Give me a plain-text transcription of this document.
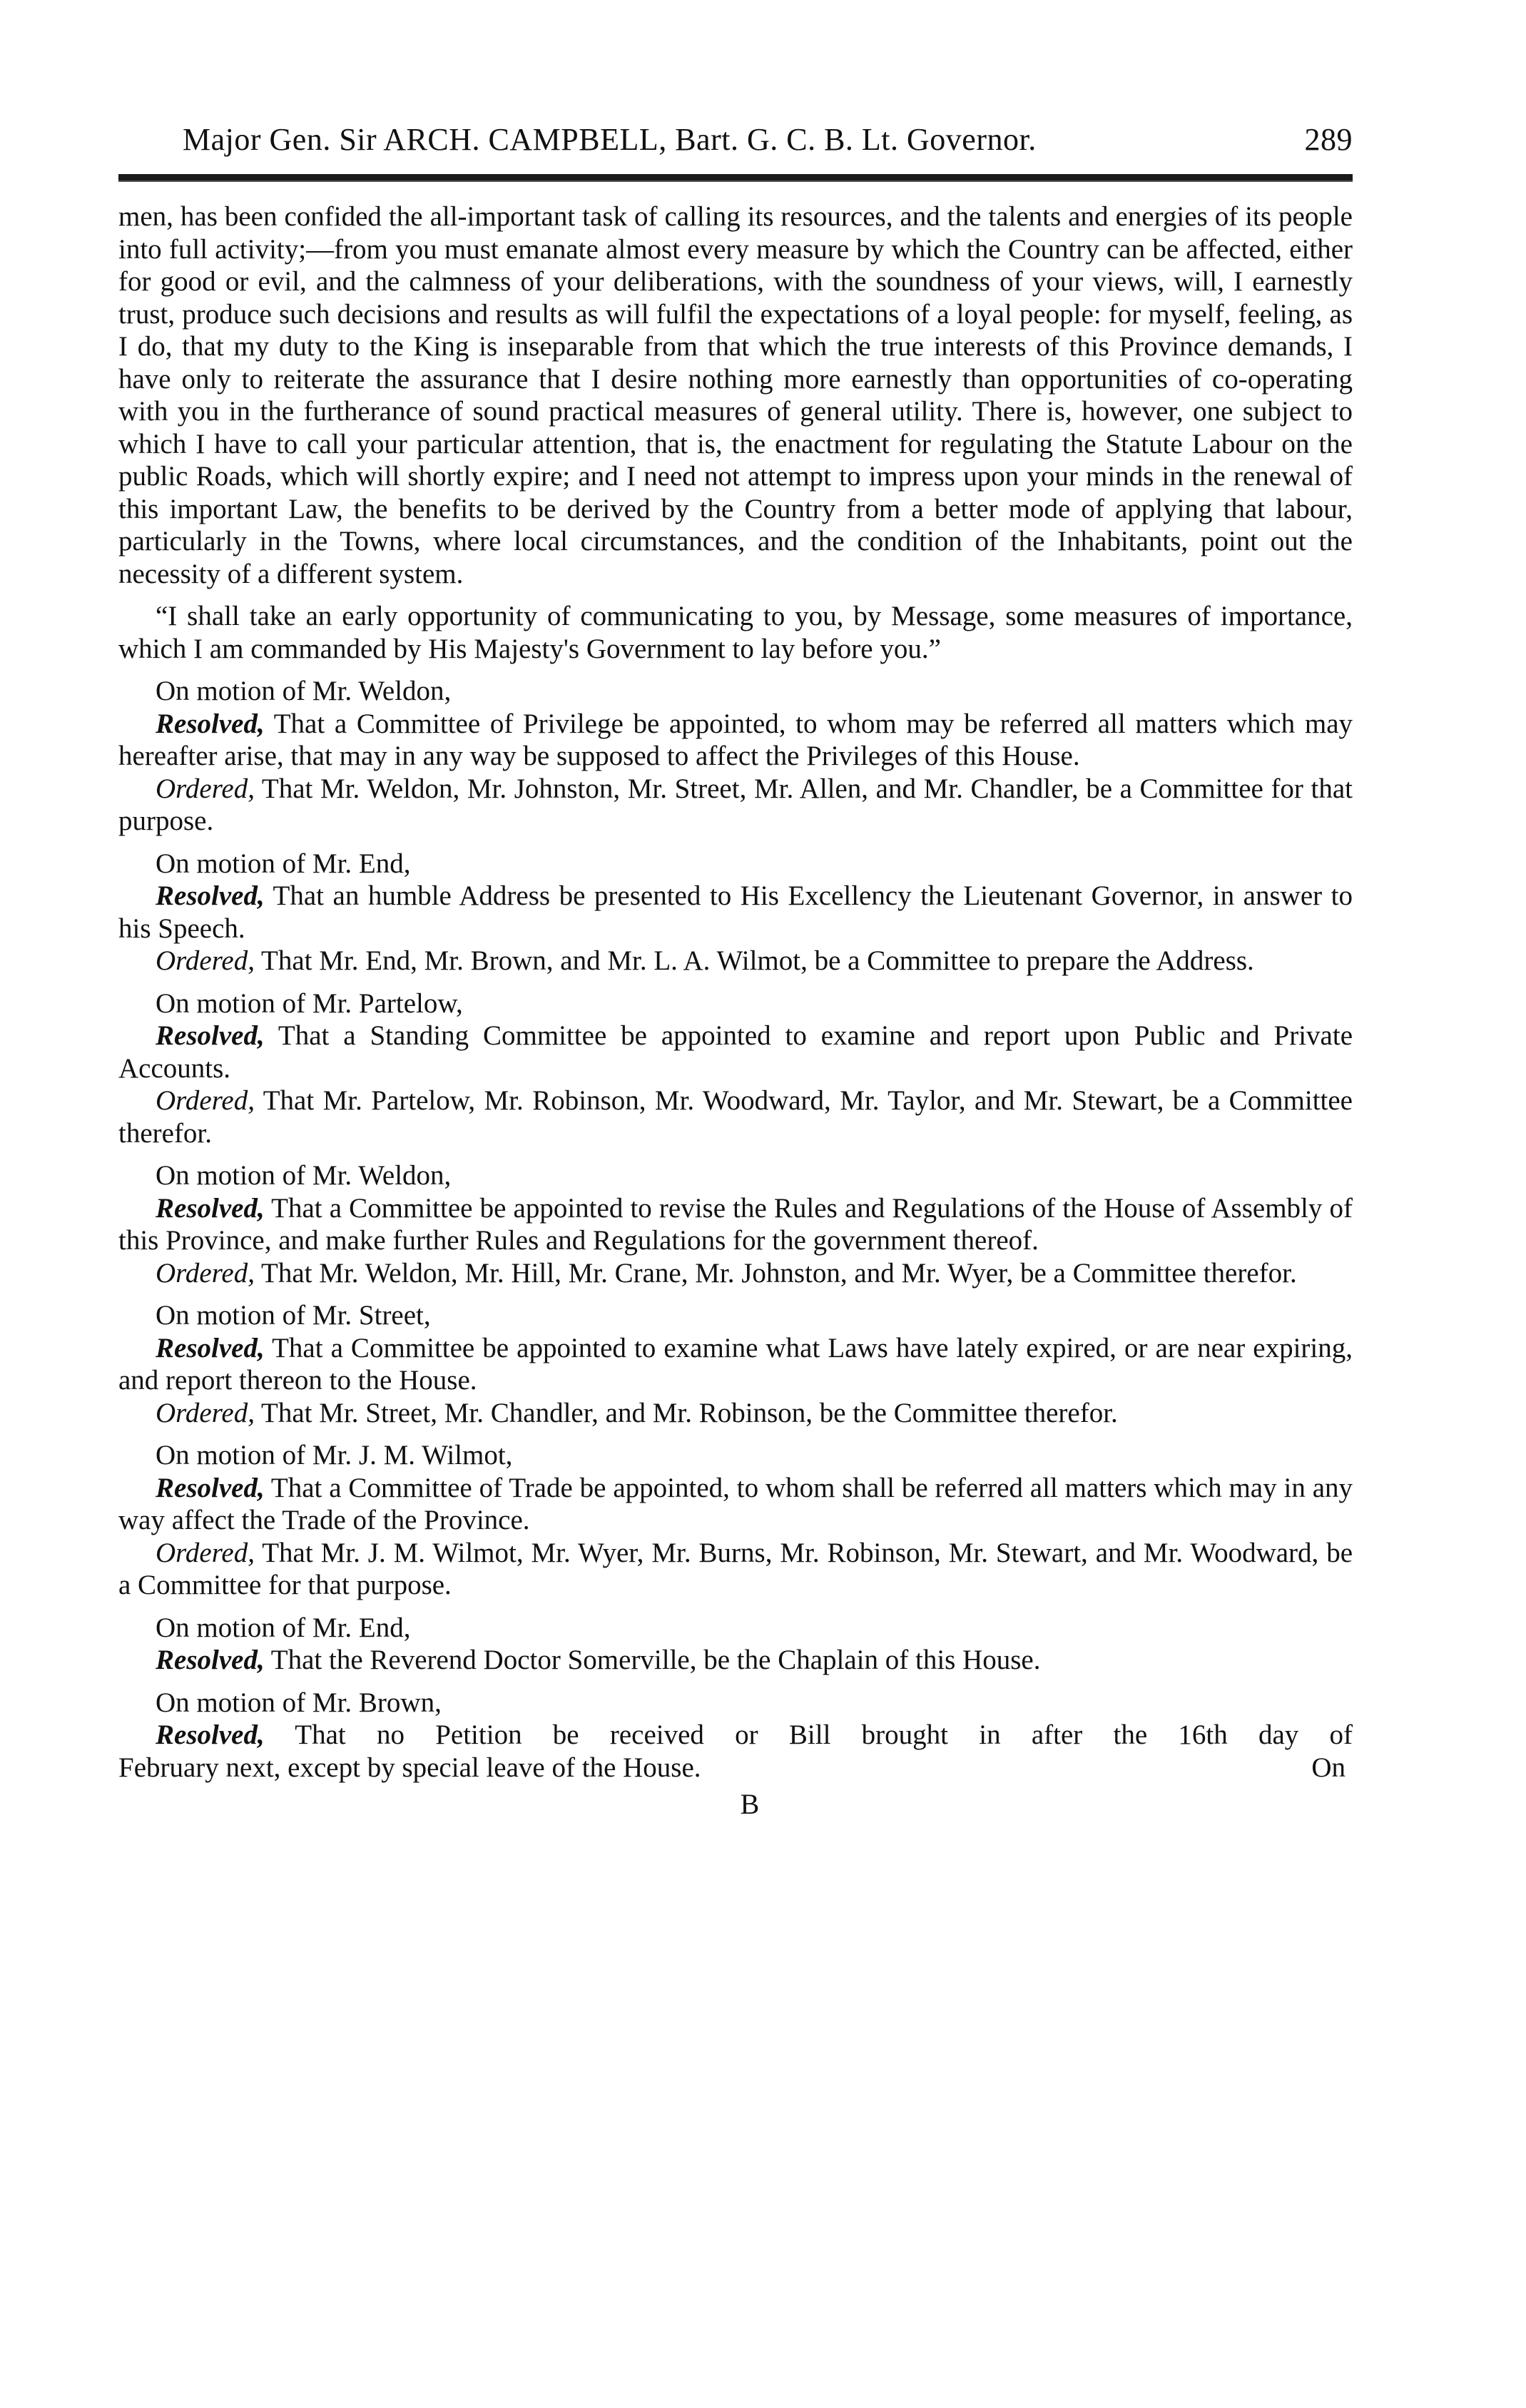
Major Gen. Sir ARCH. CAMPBELL, Bart. G. C. B. Lt. Governor.	289

men, has been confided the all-important task of calling its resources, and the talents and energies of its people into full activity;—from you must emanate almost every measure by which the Country can be affected, either for good or evil, and the calmness of your deliberations, with the soundness of your views, will, I earnestly trust, produce such decisions and results as will fulfil the expectations of a loyal people: for myself, feeling, as I do, that my duty to the King is inseparable from that which the true interests of this Province demands, I have only to reiterate the assurance that I desire nothing more earnestly than opportunities of co-operating with you in the furtherance of sound practical measures of general utility. There is, however, one subject to which I have to call your particular attention, that is, the enactment for regulating the Statute Labour on the public Roads, which will shortly expire; and I need not attempt to impress upon your minds in the renewal of this important Law, the benefits to be derived by the Country from a better mode of applying that labour, particularly in the Towns, where local circumstances, and the condition of the Inhabitants, point out the necessity of a different system.

“I shall take an early opportunity of communicating to you, by Message, some measures of importance, which I am commanded by His Majesty's Government to lay before you.”

On motion of Mr. Weldon,

Resolved, That a Committee of Privilege be appointed, to whom may be referred all matters which may hereafter arise, that may in any way be supposed to affect the Privileges of this House.

Ordered, That Mr. Weldon, Mr. Johnston, Mr. Street, Mr. Allen, and Mr. Chandler, be a Committee for that purpose.

On motion of Mr. End,

Resolved, That an humble Address be presented to His Excellency the Lieutenant Governor, in answer to his Speech.

Ordered, That Mr. End, Mr. Brown, and Mr. L. A. Wilmot, be a Committee to prepare the Address.

On motion of Mr. Partelow,

Resolved, That a Standing Committee be appointed to examine and report upon Public and Private Accounts.

Ordered, That Mr. Partelow, Mr. Robinson, Mr. Woodward, Mr. Taylor, and Mr. Stewart, be a Committee therefor.

On motion of Mr. Weldon,

Resolved, That a Committee be appointed to revise the Rules and Regulations of the House of Assembly of this Province, and make further Rules and Regulations for the government thereof.

Ordered, That Mr. Weldon, Mr. Hill, Mr. Crane, Mr. Johnston, and Mr. Wyer, be a Committee therefor.

On motion of Mr. Street,

Resolved, That a Committee be appointed to examine what Laws have lately expired, or are near expiring, and report thereon to the House.

Ordered, That Mr. Street, Mr. Chandler, and Mr. Robinson, be the Committee therefor.

On motion of Mr. J. M. Wilmot,

Resolved, That a Committee of Trade be appointed, to whom shall be referred all matters which may in any way affect the Trade of the Province.

Ordered, That Mr. J. M. Wilmot, Mr. Wyer, Mr. Burns, Mr. Robinson, Mr. Stewart, and Mr. Woodward, be a Committee for that purpose.

On motion of Mr. End,

Resolved, That the Reverend Doctor Somerville, be the Chaplain of this House.

On motion of Mr. Brown,

Resolved, That no Petition be received or Bill brought in after the 16th day of

February next, except by special leave of the House.	On
B
